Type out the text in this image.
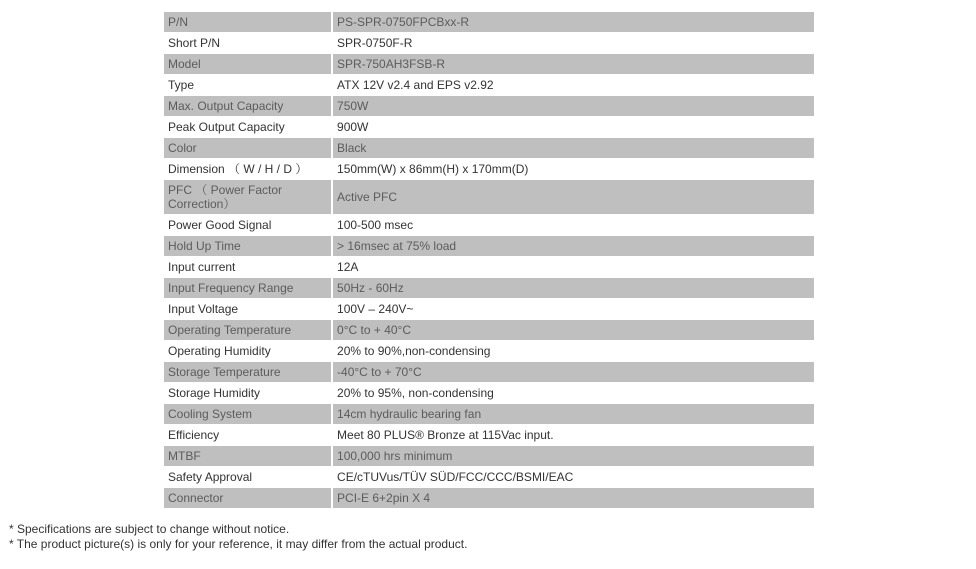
P/N	PS-SPR-0750FPCBxx-R
Short P/N	SPR-0750F-R
Model	SPR-750AH3FSB-R
Type	ATX 12V v2.4 and EPS v2.92
Max. Output Capacity	750W
Peak Output Capacity	900W
Color	Black
Dimension （ W / H / D ）	150mm(W) x 86mm(H) x 170mm(D)
PFC （ Power Factor Correction）	Active PFC
Power Good Signal	100-500 msec
Hold Up Time	> 16msec at 75% load
Input current	12A
Input Frequency Range	50Hz - 60Hz
Input Voltage	100V – 240V~
Operating Temperature	0°C to + 40°C
Operating Humidity	20% to 90%,non-condensing
Storage Temperature	-40°C to + 70°C
Storage Humidity	20% to 95%, non-condensing
Cooling System	14cm hydraulic bearing fan
Efficiency	Meet 80 PLUS® Bronze at 115Vac input.
MTBF	100,000 hrs minimum
Safety Approval	CE/cTUVus/TÜV SÜD/FCC/CCC/BSMI/EAC
Connector	PCI-E 6+2pin X 4
* Specifications are subject to change without notice.
* The product picture(s) is only for your reference, it may differ from the actual product.
